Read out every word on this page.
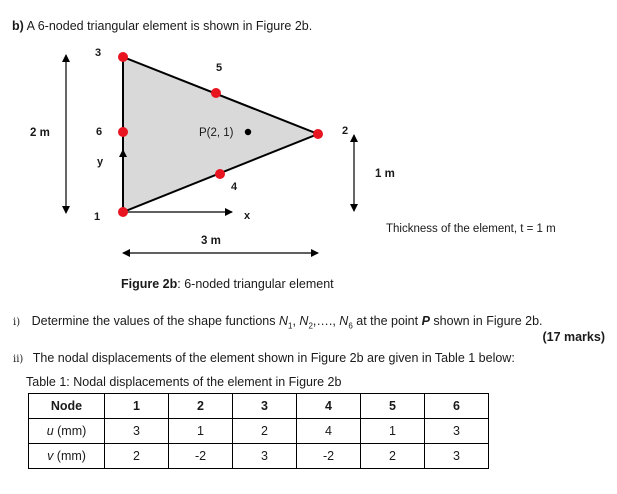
b) A 6-noded triangular element is shown in Figure 2b.
3
5
6	2
4
1
y
x
P(2, 1)
2 m
3 m
1 m
Thickness of the element, t = 1 m
Figure 2b: 6-noded triangular element
i) Determine the values of the shape functions $N_1$, $N_2,\dots$., $N_6$ at the point P shown in Figure 2b.
(17 marks)
ii) The nodal displacements of the element shown in Figure 2b are given in Table 1 below:
Table 1: Nodal displacements of the element in Figure 2b
Node	1	2	3	4	5	6
u (mm)	3	1	2	4	1	3
v (mm)	2	-2	3	-2	2	3
